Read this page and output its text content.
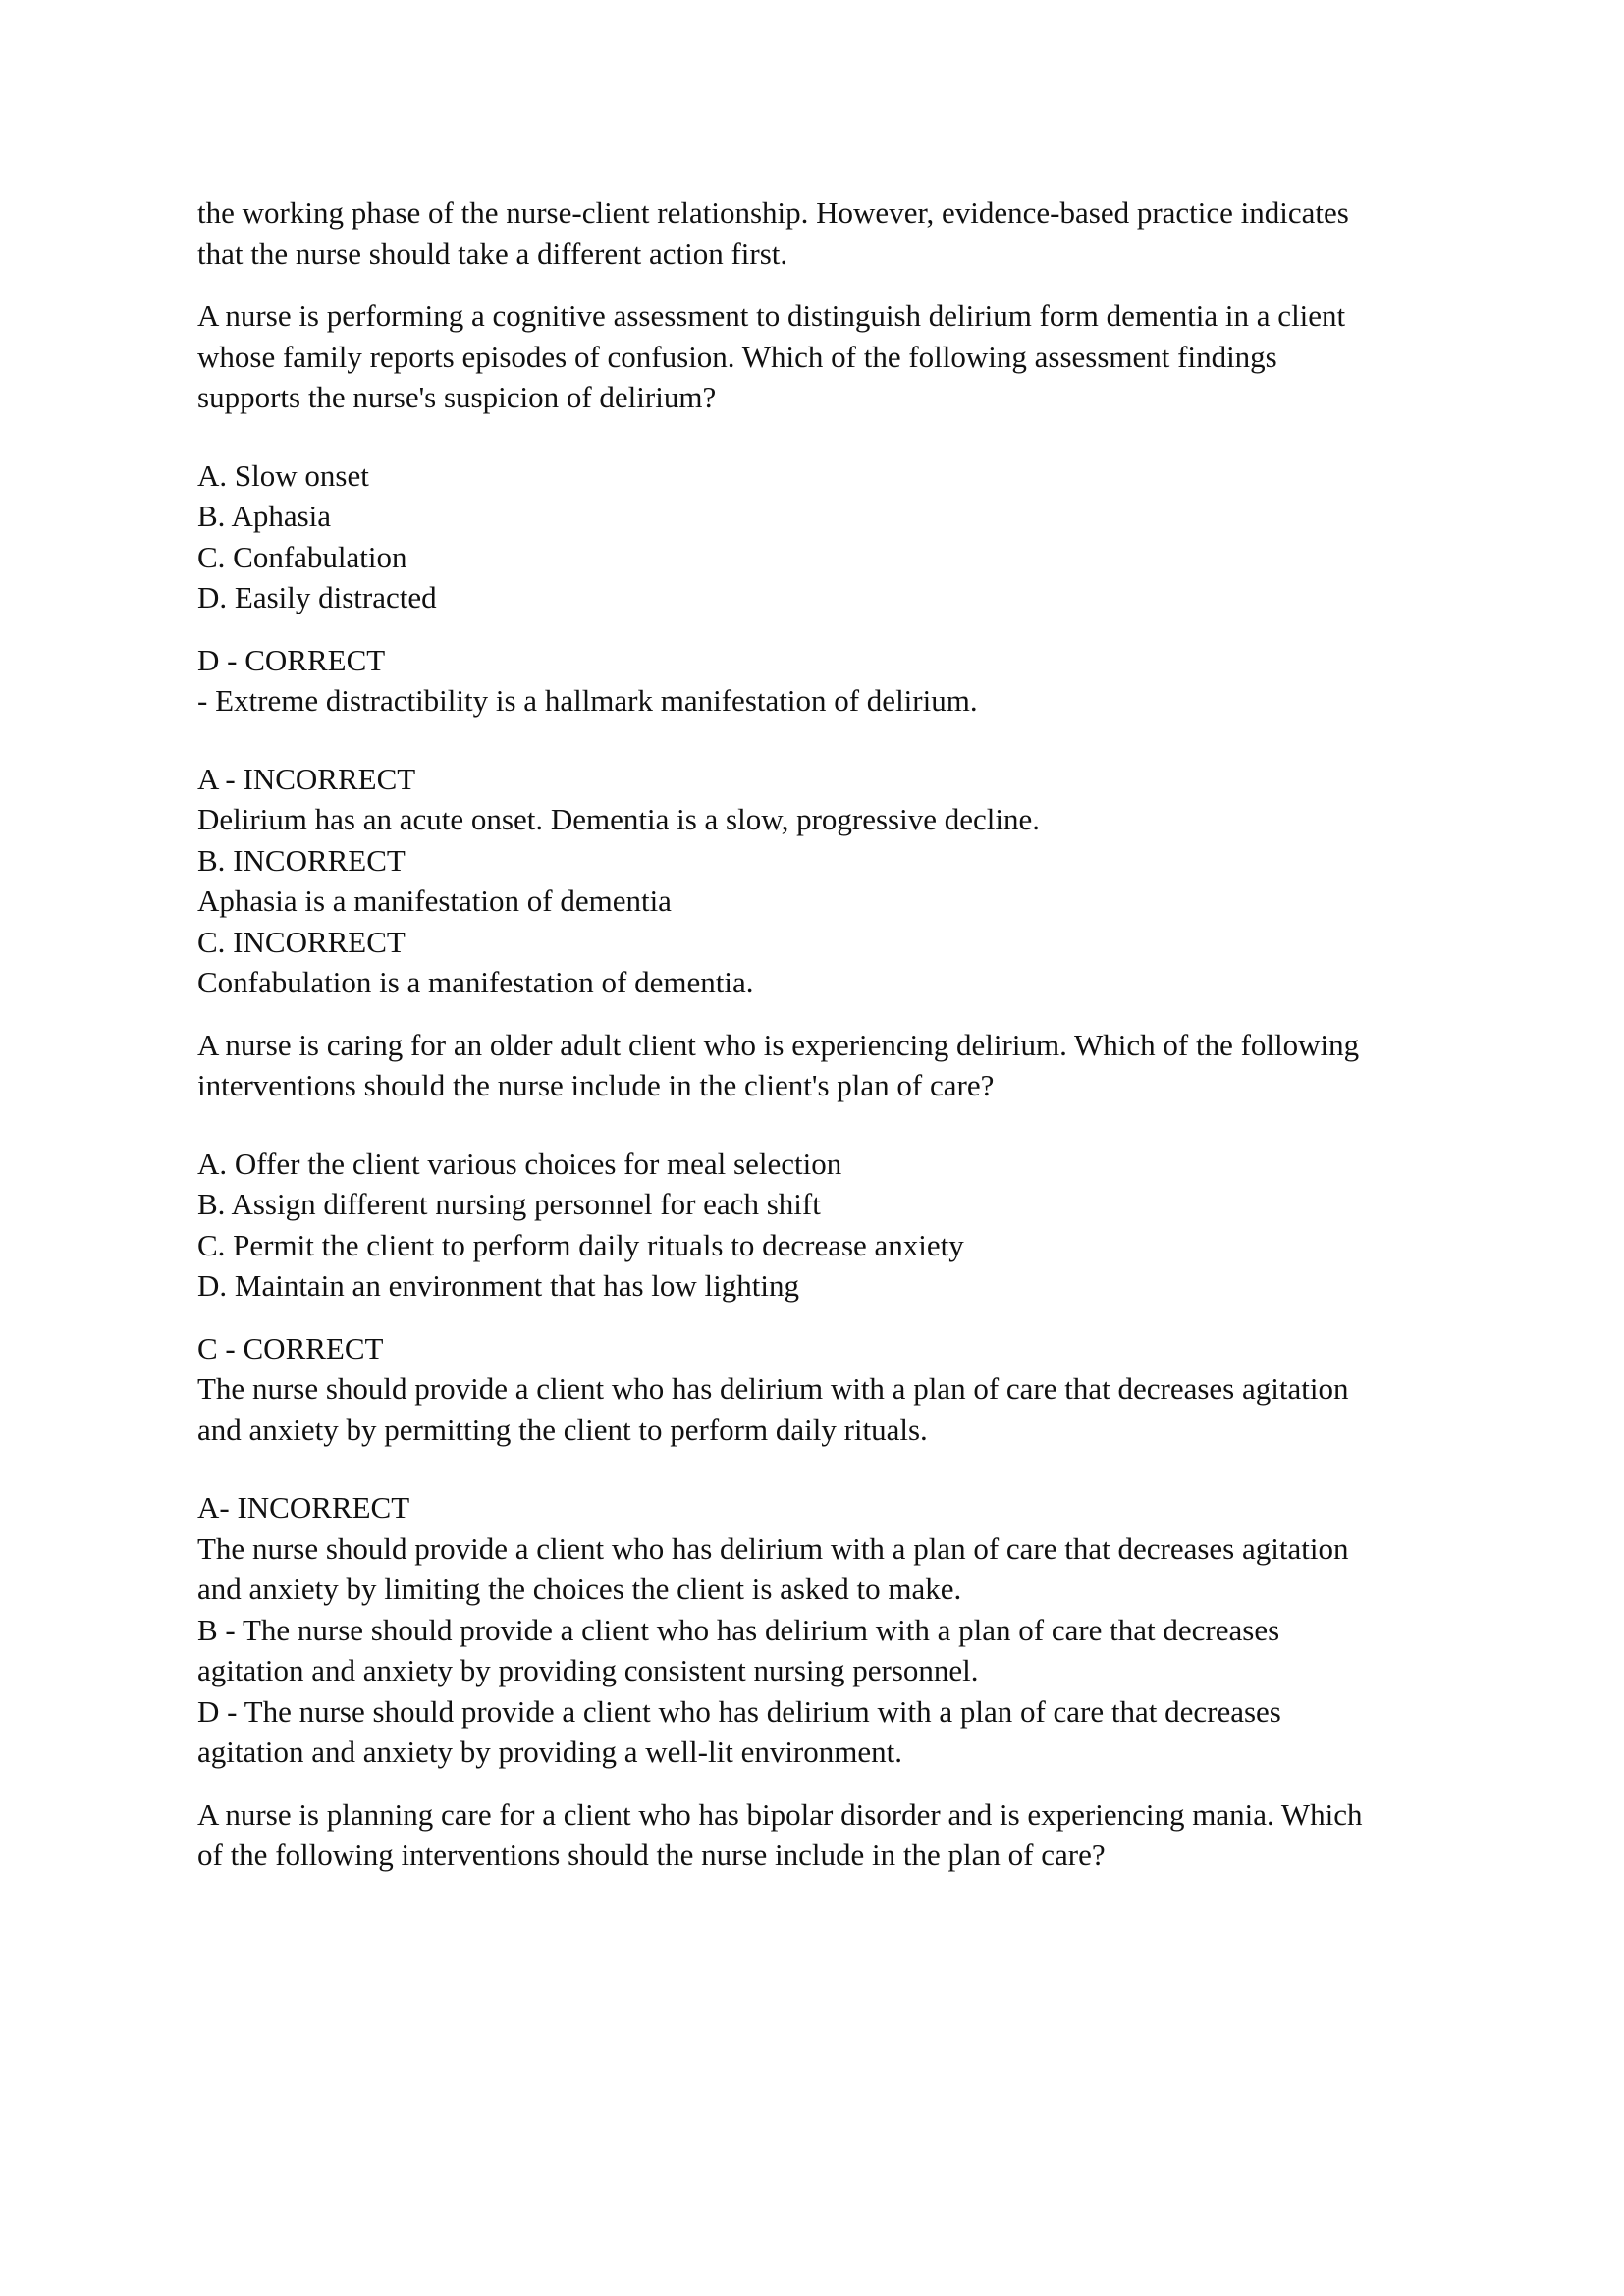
the working phase of the nurse-client relationship. However, evidence-based practice indicates
that the nurse should take a different action first.

A nurse is performing a cognitive assessment to distinguish delirium form dementia in a client
whose family reports episodes of confusion. Which of the following assessment findings
supports the nurse's suspicion of delirium?

A. Slow onset
B. Aphasia
C. Confabulation
D. Easily distracted

D - CORRECT
- Extreme distractibility is a hallmark manifestation of delirium.

A - INCORRECT
Delirium has an acute onset. Dementia is a slow, progressive decline.
B. INCORRECT
Aphasia is a manifestation of dementia
C. INCORRECT
Confabulation is a manifestation of dementia.

A nurse is caring for an older adult client who is experiencing delirium. Which of the following
interventions should the nurse include in the client's plan of care?

A. Offer the client various choices for meal selection
B. Assign different nursing personnel for each shift
C. Permit the client to perform daily rituals to decrease anxiety
D. Maintain an environment that has low lighting

C - CORRECT
The nurse should provide a client who has delirium with a plan of care that decreases agitation
and anxiety by permitting the client to perform daily rituals.

A- INCORRECT
The nurse should provide a client who has delirium with a plan of care that decreases agitation
and anxiety by limiting the choices the client is asked to make.
B - The nurse should provide a client who has delirium with a plan of care that decreases
agitation and anxiety by providing consistent nursing personnel.
D - The nurse should provide a client who has delirium with a plan of care that decreases
agitation and anxiety by providing a well-lit environment.

A nurse is planning care for a client who has bipolar disorder and is experiencing mania. Which
of the following interventions should the nurse include in the plan of care?
